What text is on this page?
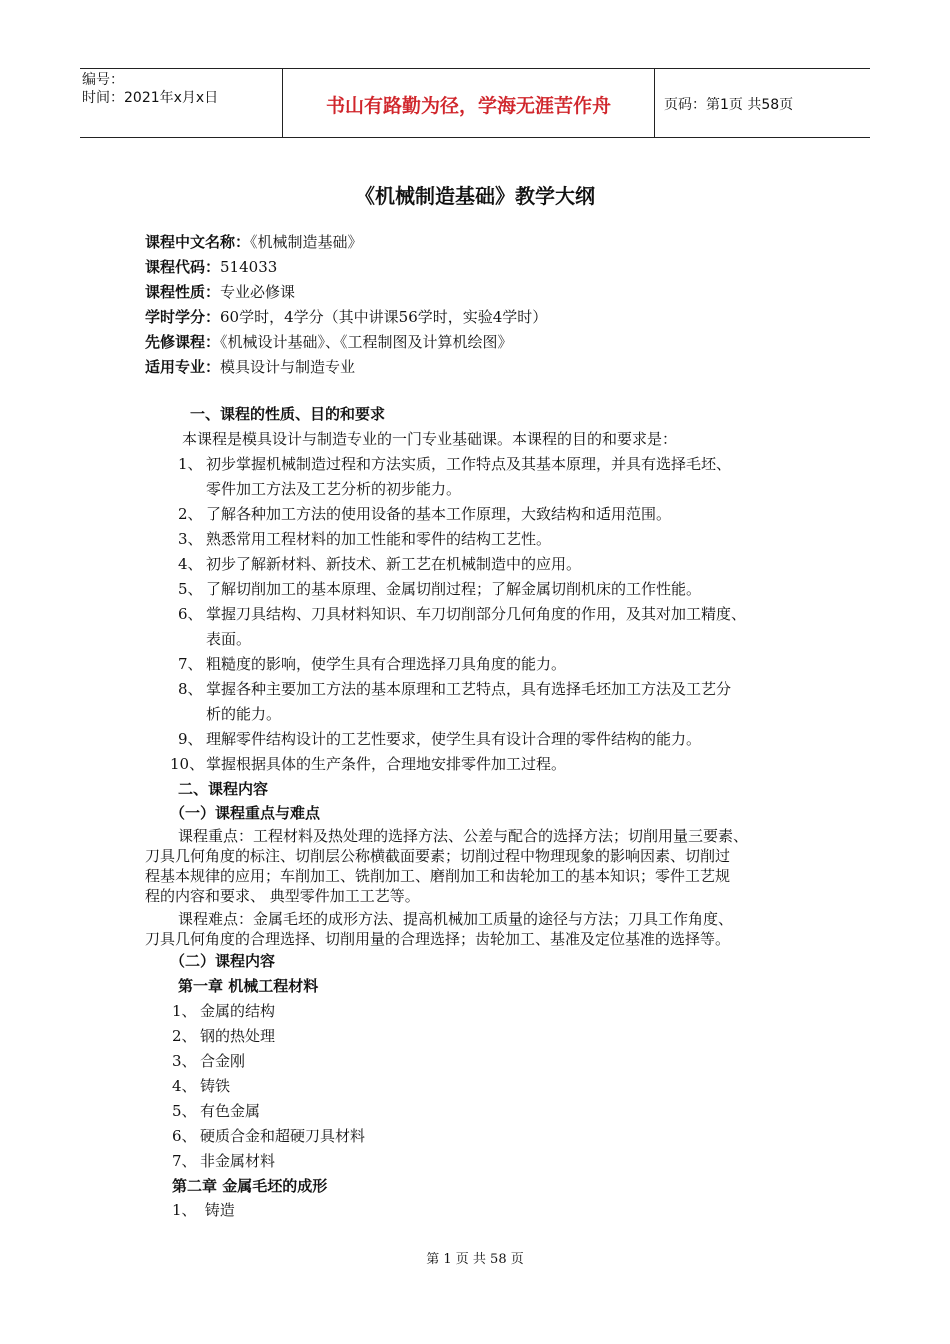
编号：
时间：2021年x月x日	书山有路勤为径，学海无涯苦作舟	页码：第1页 共58页
《机械制造基础》教学大纲
课程中文名称：《机械制造基础》
课程代码：514033
课程性质：专业必修课
学时学分：60学时，4学分（其中讲课56学时，实验4学时）
先修课程：《机械设计基础》、《工程制图及计算机绘图》
适用专业：模具设计与制造专业
一、课程的性质、目的和要求
本课程是模具设计与制造专业的一门专业基础课。本课程的目的和要求是：
1、 初步掌握机械制造过程和方法实质，工作特点及其基本原理，并具有选择毛坯、
零件加工方法及工艺分析的初步能力。
2、 了解各种加工方法的使用设备的基本工作原理，大致结构和适用范围。
3、 熟悉常用工程材料的加工性能和零件的结构工艺性。
4、 初步了解新材料、新技术、新工艺在机械制造中的应用。
5、 了解切削加工的基本原理、金属切削过程；了解金属切削机床的工作性能。
6、 掌握刀具结构、刀具材料知识、车刀切削部分几何角度的作用，及其对加工精度、
表面。
7、 粗糙度的影响，使学生具有合理选择刀具角度的能力。
8、 掌握各种主要加工方法的基本原理和工艺特点，具有选择毛坯加工方法及工艺分
析的能力。
9、 理解零件结构设计的工艺性要求，使学生具有设计合理的零件结构的能力。
10、 掌握根据具体的生产条件，合理地安排零件加工过程。
二、课程内容
（一）课程重点与难点
课程重点：工程材料及热处理的选择方法、公差与配合的选择方法；切削用量三要素、
刀具几何角度的标注、切削层公称横截面要素；切削过程中物理现象的影响因素、切削过
程基本规律的应用；车削加工、铣削加工、磨削加工和齿轮加工的基本知识；零件工艺规
程的内容和要求、 典型零件加工工艺等。
课程难点：金属毛坯的成形方法、提高机械加工质量的途径与方法；刀具工作角度、
刀具几何角度的合理选择、切削用量的合理选择；齿轮加工、基准及定位基准的选择等。
（二）课程内容
第一章 机械工程材料
1、 金属的结构
2、 钢的热处理
3、 合金刚
4、 铸铁
5、 有色金属
6、 硬质合金和超硬刀具材料
7、 非金属材料
第二章 金属毛坯的成形
1、 铸造
第 1 页 共 58 页
